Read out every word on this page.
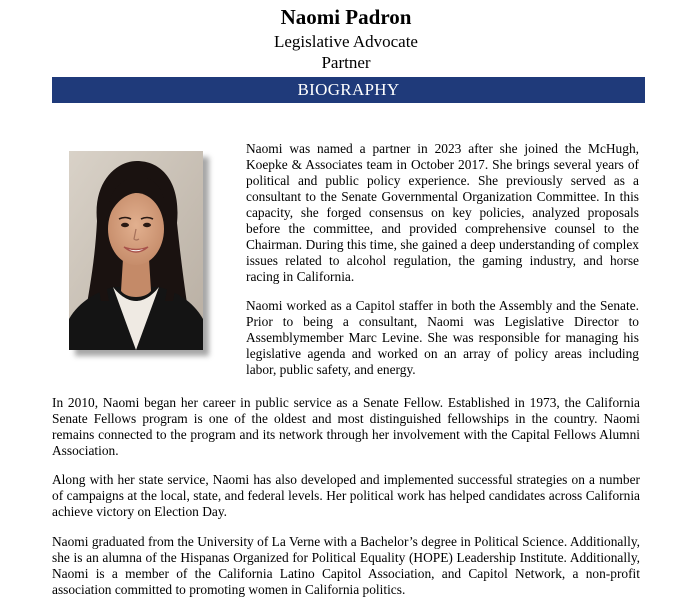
Naomi Padron
Legislative Advocate
Partner
BIOGRAPHY

Naomi was named a partner in 2023 after she joined the McHugh, Koepke & Associates team in October 2017. She brings several years of political and public policy experience. She previously served as a consultant to the Senate Governmental Organization Committee. In this capacity, she forged consensus on key policies, analyzed proposals before the committee, and provided comprehensive counsel to the Chairman. During this time, she gained a deep understanding of complex issues related to alcohol regulation, the gaming industry, and horse racing in California.

Naomi worked as a Capitol staffer in both the Assembly and the Senate. Prior to being a consultant, Naomi was Legislative Director to Assemblymember Marc Levine. She was responsible for managing his legislative agenda and worked on an array of policy areas including labor, public safety, and energy.

In 2010, Naomi began her career in public service as a Senate Fellow. Established in 1973, the California Senate Fellows program is one of the oldest and most distinguished fellowships in the country. Naomi remains connected to the program and its network through her involvement with the Capital Fellows Alumni Association.

Along with her state service, Naomi has also developed and implemented successful strategies on a number of campaigns at the local, state, and federal levels. Her political work has helped candidates across California achieve victory on Election Day.

Naomi graduated from the University of La Verne with a Bachelor’s degree in Political Science. Additionally, she is an alumna of the Hispanas Organized for Political Equality (HOPE) Leadership Institute. Additionally, Naomi is a member of the California Latino Capitol Association, and Capitol Network, a non-profit association committed to promoting women in California politics.
